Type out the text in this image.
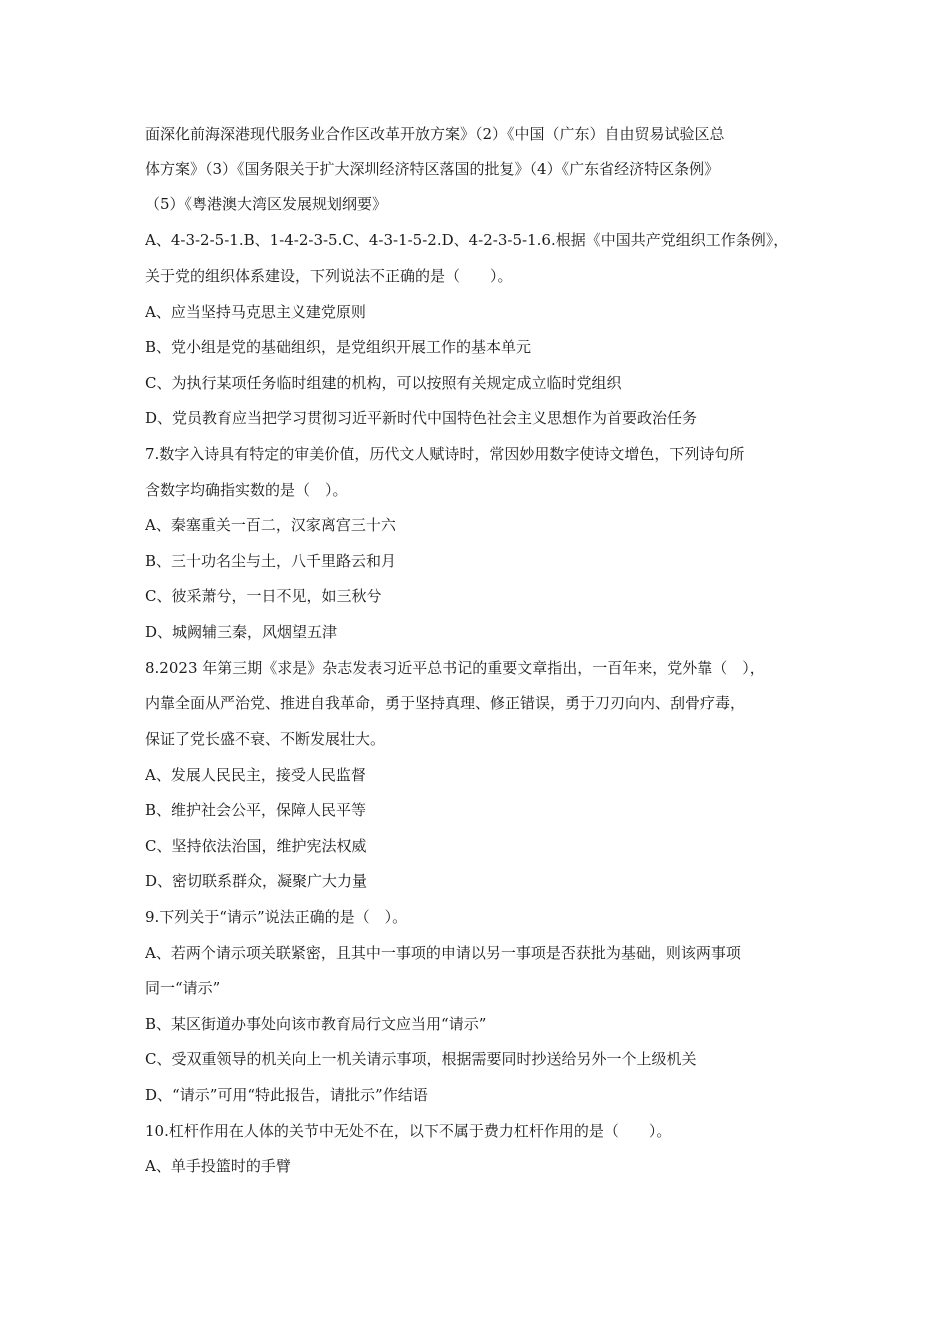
面深化前海深港现代服务业合作区改革开放方案》（2）《中国（广东）自由贸易试验区总
体方案》（3）《国务限关于扩大深圳经济特区落国的批复》（4）《广东省经济特区条例》
（5）《粤港澳大湾区发展规划纲要》
A、4-3-2-5-1.B、1-4-2-3-5.C、4-3-1-5-2.D、4-2-3-5-1.6.根据《中国共产党组织工作条例》，
关于党的组织体系建设，下列说法不正确的是（　　）。
A、应当坚持马克思主义建党原则
B、党小组是党的基础组织，是党组织开展工作的基本单元
C、为执行某项任务临时组建的机构，可以按照有关规定成立临时党组织
D、党员教育应当把学习贯彻习近平新时代中国特色社会主义思想作为首要政治任务
7.数字入诗具有特定的审美价值，历代文人赋诗时，常因妙用数字使诗文增色，下列诗句所
含数字均确指实数的是（　）。
A、秦塞重关一百二，汉家离宫三十六
B、三十功名尘与土，八千里路云和月
C、彼采萧兮，一日不见，如三秋兮
D、城阙辅三秦，风烟望五津
8.2023 年第三期《求是》杂志发表习近平总书记的重要文章指出，一百年来，党外靠（　），
内靠全面从严治党、推进自我革命，勇于坚持真理、修正错误，勇于刀刃向内、刮骨疗毒，
保证了党长盛不衰、不断发展壮大。
A、发展人民民主，接受人民监督
B、维护社会公平，保障人民平等
C、坚持依法治国，维护宪法权威
D、密切联系群众，凝聚广大力量
9.下列关于“请示”说法正确的是（　）。
A、若两个请示项关联紧密，且其中一事项的申请以另一事项是否获批为基础，则该两事项
同一“请示”
B、某区街道办事处向该市教育局行文应当用“请示”
C、受双重领导的机关向上一机关请示事项，根据需要同时抄送给另外一个上级机关
D、“请示”可用“特此报告，请批示”作结语
10.杠杆作用在人体的关节中无处不在，以下不属于费力杠杆作用的是（　　）。
A、单手投篮时的手臂
